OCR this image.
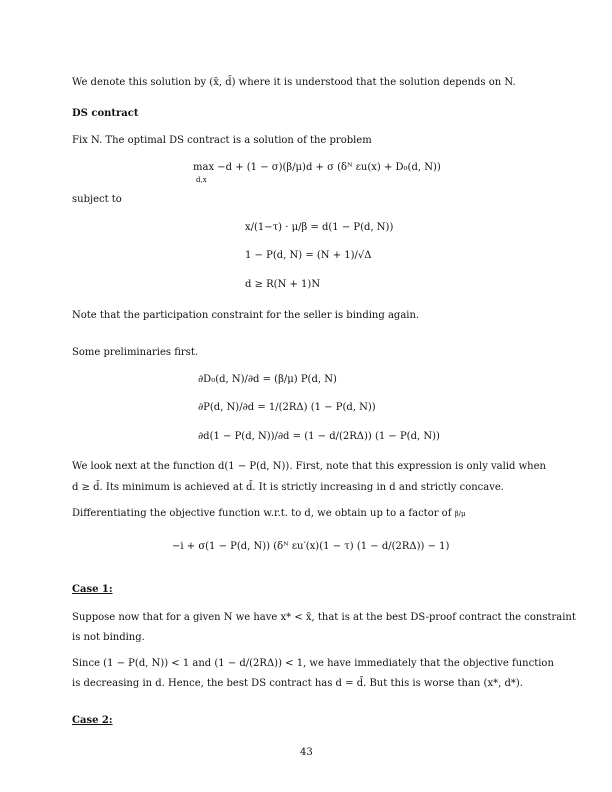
We denote this solution by (x̄, d̄) where it is understood that the solution depends on N.
DS contract
Fix N. The optimal DS contract is a solution of the problem
max −d + (1 − σ)(β/μ)d + σ (δᴺ εu(x) + D₀(d, N))
d,x
subject to
x/(1−τ) · μ/β = d(1 − P(d, N))
1 − P(d, N) = (N + 1)/√Δ
d ≥ R(N + 1)N
Note that the participation constraint for the seller is binding again.
Some preliminaries first.
∂D₀(d, N)/∂d = (β/μ) P(d, N)
∂P(d, N)/∂d = 1/(2RΔ) (1 − P(d, N))
∂d(1 − P(d, N))/∂d = (1 − d/(2RΔ)) (1 − P(d, N))
We look next at the function d(1 − P(d, N)). First, note that this expression is only valid when
d ≥ d̄. Its minimum is achieved at d̄. It is strictly increasing in d and strictly concave.
Differentiating the objective function w.r.t. to d, we obtain up to a factor of β/μ
−i + σ(1 − P(d, N)) (δᴺ εu′(x)(1 − τ) (1 − d/(2RΔ)) − 1)
Case 1:
Suppose now that for a given N we have x* < x̄, that is at the best DS-proof contract the constraint
is not binding.
Since (1 − P(d, N)) < 1 and (1 − d/(2RΔ)) < 1, we have immediately that the objective function
is decreasing in d. Hence, the best DS contract has d = d̄. But this is worse than (x*, d*).
Case 2:
43
